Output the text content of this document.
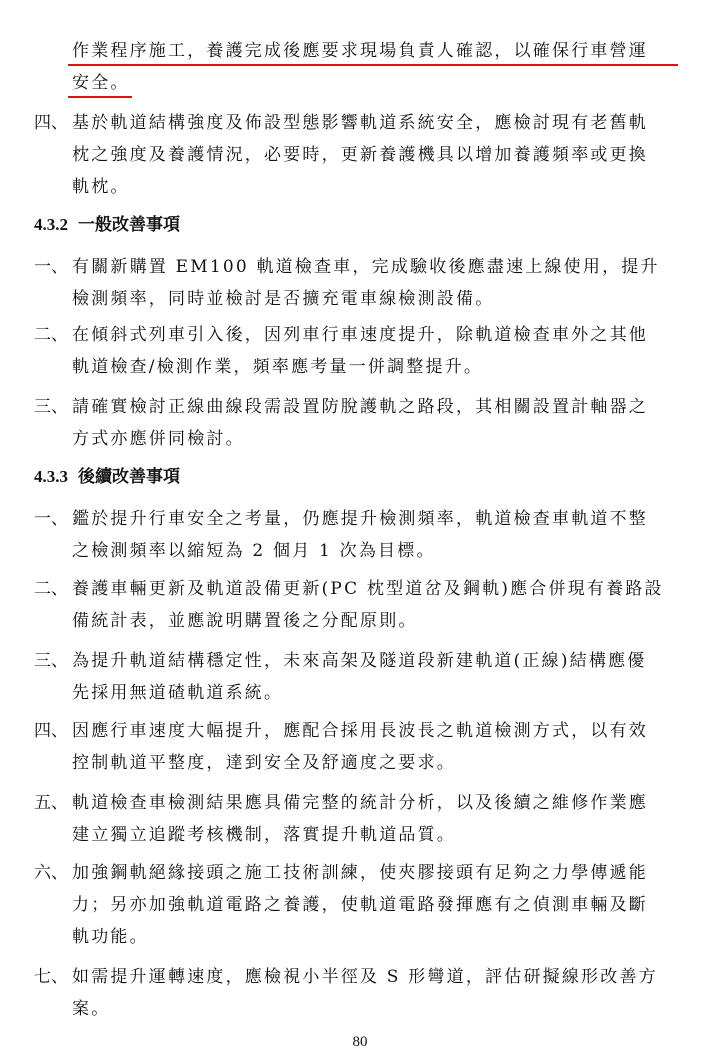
作業程序施工，養護完成後應要求現場負責人確認，以確保行車營運
安全。
四、 基於軌道結構強度及佈設型態影響軌道系統安全，應檢討現有老舊軌
枕之強度及養護情況，必要時，更新養護機具以增加養護頻率或更換
軌枕。
4.3.2 一般改善事項
一、 有關新購置 EM100 軌道檢查車，完成驗收後應盡速上線使用，提升
檢測頻率，同時並檢討是否擴充電車線檢測設備。
二、 在傾斜式列車引入後，因列車行車速度提升，除軌道檢查車外之其他
軌道檢查/檢測作業，頻率應考量一併調整提升。
三、 請確實檢討正線曲線段需設置防脫護軌之路段，其相關設置計軸器之
方式亦應併同檢討。
4.3.3 後續改善事項
一、 鑑於提升行車安全之考量，仍應提升檢測頻率，軌道檢查車軌道不整
之檢測頻率以縮短為 2 個月 1 次為目標。
二、 養護車輛更新及軌道設備更新(PC 枕型道岔及鋼軌)應合併現有養路設
備統計表，並應說明購置後之分配原則。
三、 為提升軌道結構穩定性，未來高架及隧道段新建軌道(正線)結構應優
先採用無道碴軌道系統。
四、 因應行車速度大幅提升，應配合採用長波長之軌道檢測方式，以有效
控制軌道平整度，達到安全及舒適度之要求。
五、 軌道檢查車檢測結果應具備完整的統計分析，以及後續之維修作業應
建立獨立追蹤考核機制，落實提升軌道品質。
六、 加強鋼軌絕緣接頭之施工技術訓練，使夾膠接頭有足夠之力學傳遞能
力；另亦加強軌道電路之養護，使軌道電路發揮應有之偵測車輛及斷
軌功能。
七、 如需提升運轉速度，應檢視小半徑及 S 形彎道，評估研擬線形改善方
案。
80
